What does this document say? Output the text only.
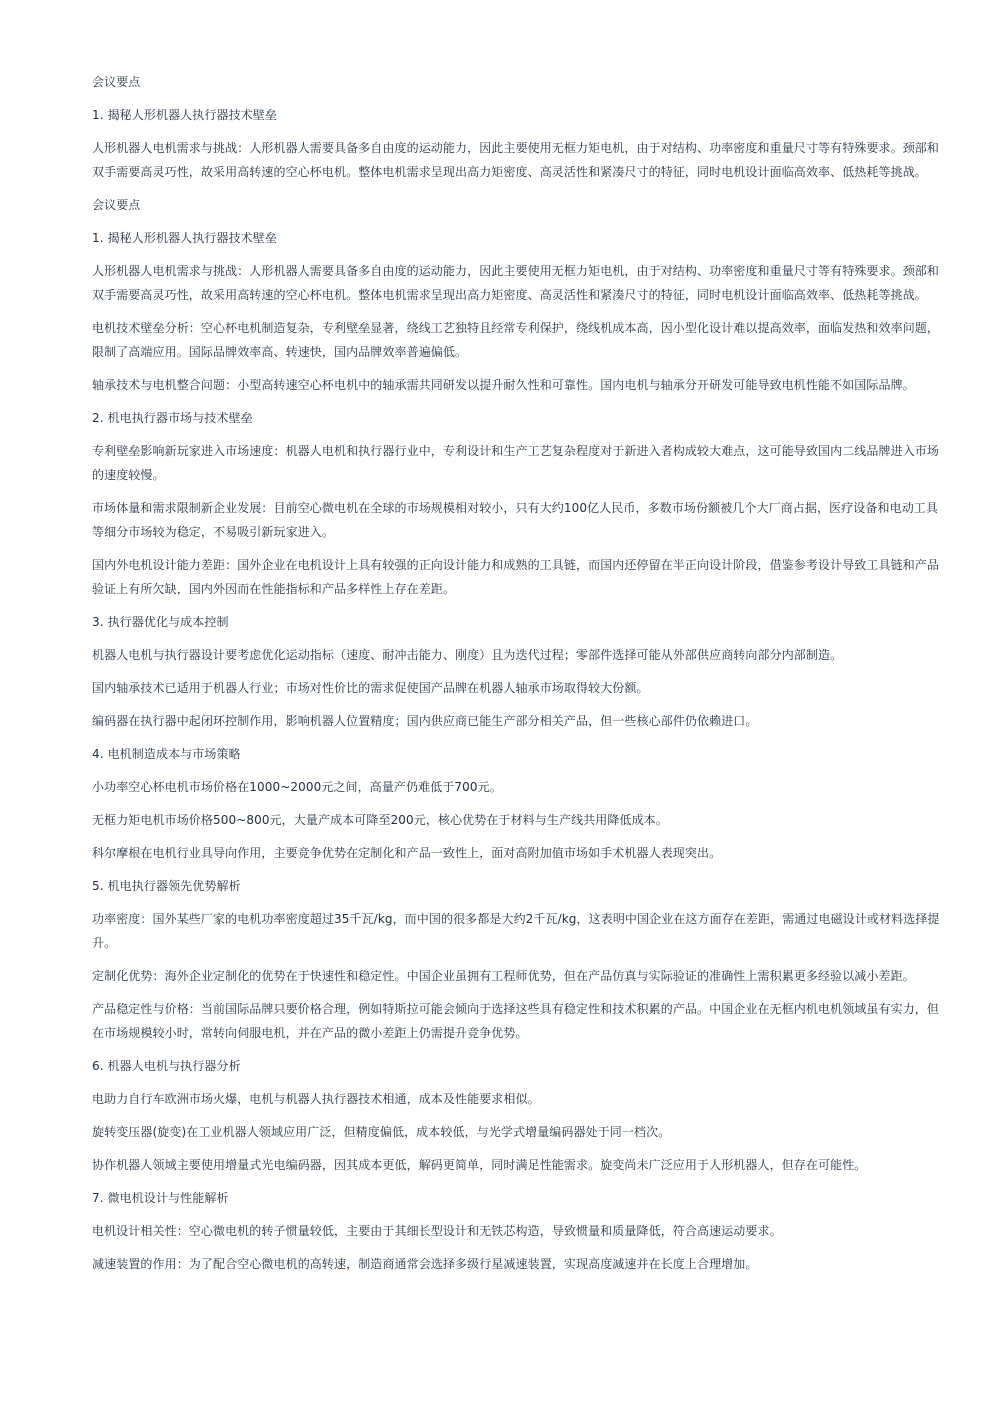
会议要点

1. 揭秘人形机器人执行器技术壁垒

人形机器人电机需求与挑战：人形机器人需要具备多自由度的运动能力，因此主要使用无框力矩电机，由于对结构、功率密度和重量尺寸等有特殊要求。颈部和双手需要高灵巧性，故采用高转速的空心杯电机。整体电机需求呈现出高力矩密度、高灵活性和紧凑尺寸的特征，同时电机设计面临高效率、低热耗等挑战。

会议要点

1. 揭秘人形机器人执行器技术壁垒

人形机器人电机需求与挑战：人形机器人需要具备多自由度的运动能力，因此主要使用无框力矩电机，由于对结构、功率密度和重量尺寸等有特殊要求。颈部和双手需要高灵巧性，故采用高转速的空心杯电机。整体电机需求呈现出高力矩密度、高灵活性和紧凑尺寸的特征，同时电机设计面临高效率、低热耗等挑战。

电机技术壁垒分析：空心杯电机制造复杂，专利壁垒显著，绕线工艺独特且经常专利保护，绕线机成本高，因小型化设计难以提高效率，面临发热和效率问题，限制了高端应用。国际品牌效率高、转速快，国内品牌效率普遍偏低。

轴承技术与电机整合问题：小型高转速空心杯电机中的轴承需共同研发以提升耐久性和可靠性。国内电机与轴承分开研发可能导致电机性能不如国际品牌。

2. 机电执行器市场与技术壁垒

专利壁垒影响新玩家进入市场速度：机器人电机和执行器行业中，专利设计和生产工艺复杂程度对于新进入者构成较大难点，这可能导致国内二线品牌进入市场的速度较慢。

市场体量和需求限制新企业发展：目前空心微电机在全球的市场规模相对较小，只有大约100亿人民币，多数市场份额被几个大厂商占据，医疗设备和电动工具等细分市场较为稳定，不易吸引新玩家进入。

国内外电机设计能力差距：国外企业在电机设计上具有较强的正向设计能力和成熟的工具链，而国内还停留在半正向设计阶段，借鉴参考设计导致工具链和产品验证上有所欠缺，国内外因而在性能指标和产品多样性上存在差距。

3. 执行器优化与成本控制

机器人电机与执行器设计要考虑优化运动指标（速度、耐冲击能力、刚度）且为迭代过程；零部件选择可能从外部供应商转向部分内部制造。

国内轴承技术已适用于机器人行业；市场对性价比的需求促使国产品牌在机器人轴承市场取得较大份额。

编码器在执行器中起闭环控制作用，影响机器人位置精度；国内供应商已能生产部分相关产品，但一些核心部件仍依赖进口。

4. 电机制造成本与市场策略

小功率空心杯电机市场价格在1000~2000元之间，高量产仍难低于700元。

无框力矩电机市场价格500~800元，大量产成本可降至200元，核心优势在于材料与生产线共用降低成本。

科尔摩根在电机行业具导向作用，主要竞争优势在定制化和产品一致性上，面对高附加值市场如手术机器人表现突出。

5. 机电执行器领先优势解析

功率密度：国外某些厂家的电机功率密度超过35千瓦/kg，而中国的很多都是大约2千瓦/kg，这表明中国企业在这方面存在差距，需通过电磁设计或材料选择提升。

定制化优势：海外企业定制化的优势在于快速性和稳定性。中国企业虽拥有工程师优势，但在产品仿真与实际验证的准确性上需积累更多经验以减小差距。

产品稳定性与价格：当前国际品牌只要价格合理，例如特斯拉可能会倾向于选择这些具有稳定性和技术积累的产品。中国企业在无框内机电机领域虽有实力，但在市场规模较小时，常转向伺服电机，并在产品的微小差距上仍需提升竞争优势。

6. 机器人电机与执行器分析

电助力自行车欧洲市场火爆，电机与机器人执行器技术相通，成本及性能要求相似。

旋转变压器(旋变)在工业机器人领域应用广泛，但精度偏低，成本较低，与光学式增量编码器处于同一档次。

协作机器人领域主要使用增量式光电编码器，因其成本更低，解码更简单，同时满足性能需求。旋变尚未广泛应用于人形机器人，但存在可能性。

7. 微电机设计与性能解析

电机设计相关性：空心微电机的转子惯量较低，主要由于其细长型设计和无铁芯构造，导致惯量和质量降低，符合高速运动要求。

减速装置的作用：为了配合空心微电机的高转速，制造商通常会选择多级行星减速装置，实现高度减速并在长度上合理增加。
